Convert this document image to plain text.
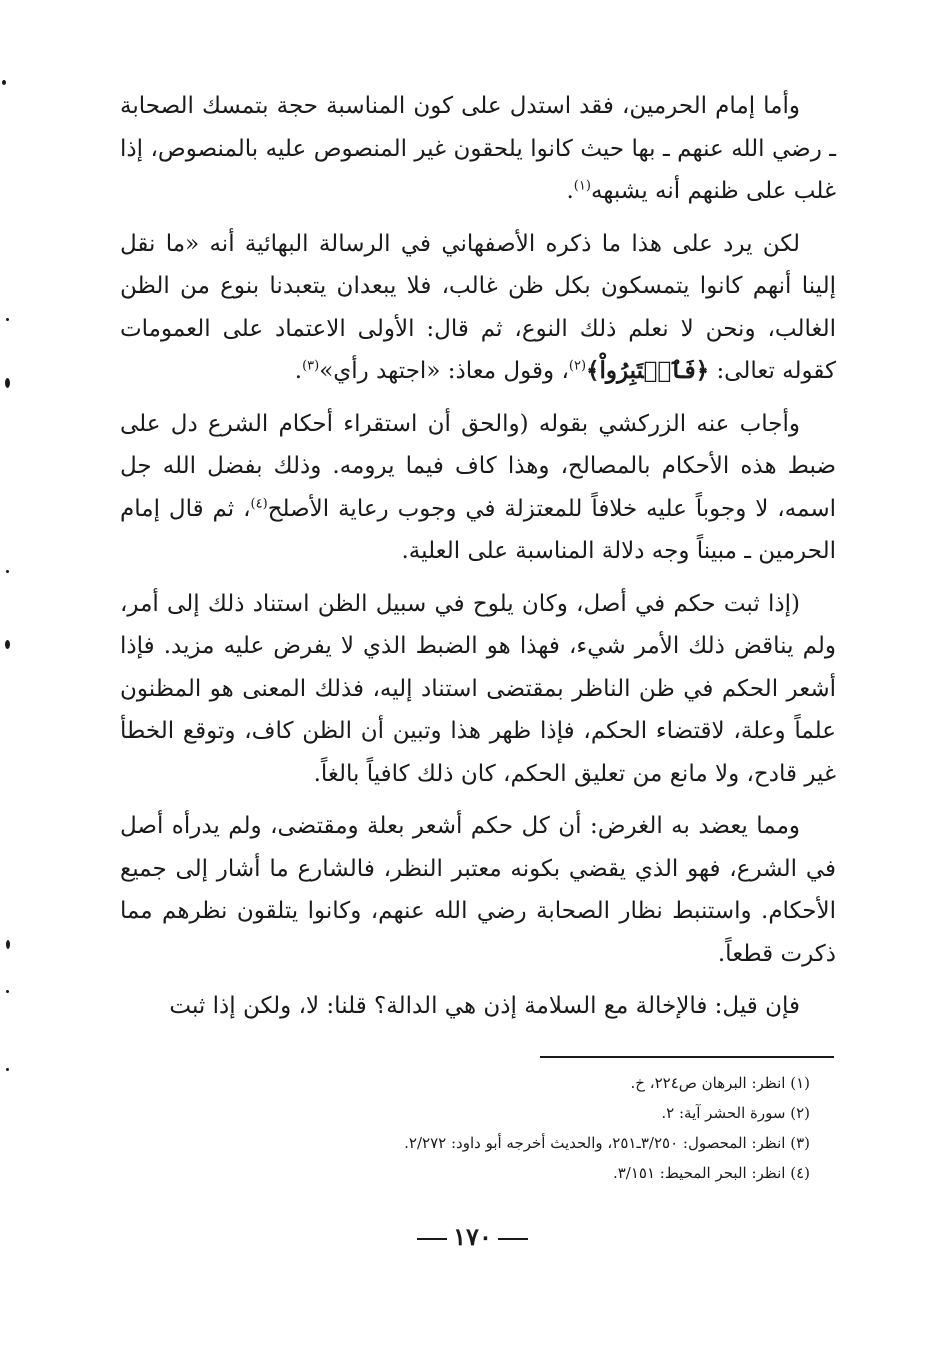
وأما إمام الحرمين، فقد استدل على كون المناسبة حجة بتمسك الصحابة ـ رضي الله عنهم ـ بها حيث كانوا يلحقون غير المنصوص عليه بالمنصوص، إذا غلب على ظنهم أنه يشبهه$^{(١)}$.

لكن يرد على هذا ما ذكره الأصفهاني في الرسالة البهائية أنه «ما نقل إلينا أنهم كانوا يتمسكون بكل ظن غالب، فلا يبعدان يتعبدنا بنوع من الظن الغالب، ونحن لا نعلم ذلك النوع، ثم قال: الأولى الاعتماد على العمومات كقوله تعالى: ﴿فَٱعۡتَبِرُواْ﴾$^{(٢)}$، وقول معاذ: «اجتهد رأي»$^{(٣)}$.

وأجاب عنه الزركشي بقوله (والحق أن استقراء أحكام الشرع دل على ضبط هذه الأحكام بالمصالح، وهذا كاف فيما يرومه. وذلك بفضل الله جل اسمه، لا وجوباً عليه خلافاً للمعتزلة في وجوب رعاية الأصلح$^{(٤)}$، ثم قال إمام الحرمين ـ مبيناً وجه دلالة المناسبة على العلية.

(إذا ثبت حكم في أصل، وكان يلوح في سبيل الظن استناد ذلك إلى أمر، ولم يناقض ذلك الأمر شيء، فهذا هو الضبط الذي لا يفرض عليه مزيد. فإذا أشعر الحكم في ظن الناظر بمقتضى استناد إليه، فذلك المعنى هو المظنون علماً وعلة، لاقتضاء الحكم، فإذا ظهر هذا وتبين أن الظن كاف، وتوقع الخطأ غير قادح، ولا مانع من تعليق الحكم، كان ذلك كافياً بالغاً.

ومما يعضد به الغرض: أن كل حكم أشعر بعلة ومقتضى، ولم يدرأه أصل في الشرع، فهو الذي يقضي بكونه معتبر النظر، فالشارع ما أشار إلى جميع الأحكام. واستنبط نظار الصحابة رضي الله عنهم، وكانوا يتلقون نظرهم مما ذكرت قطعاً.

فإن قيل: فالإخالة مع السلامة إذن هي الدالة؟ قلنا: لا، ولكن إذا ثبت

(١) انظر: البرهان ص٢٢٤، خ.

(٢) سورة الحشر آية: ٢.

(٣) انظر: المحصول: ٣/٢٥٠ـ٢٥١، والحديث أخرجه أبو داود: ٢/٢٧٢.

(٤) انظر: البحر المحيط: ٣/١٥١.

١٧٠
